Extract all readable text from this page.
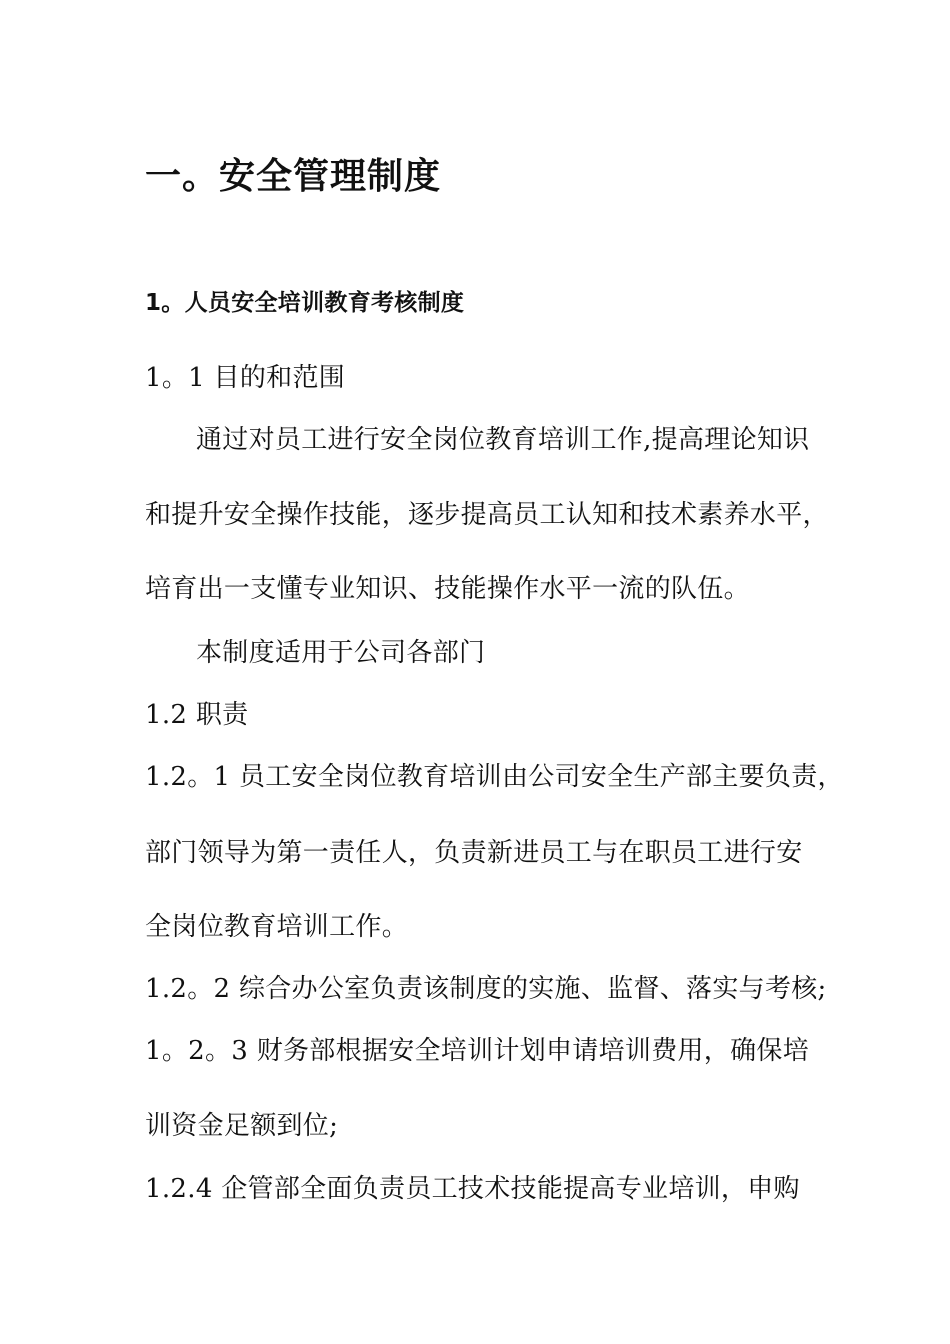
一。安全管理制度
1。人员安全培训教育考核制度
1。1 目的和范围
通过对员工进行安全岗位教育培训工作,提高理论知识
和提升安全操作技能，逐步提高员工认知和技术素养水平，
培育出一支懂专业知识、技能操作水平一流的队伍。
本制度适用于公司各部门
1.2 职责
1.2。1 员工安全岗位教育培训由公司安全生产部主要负责，
部门领导为第一责任人，负责新进员工与在职员工进行安
全岗位教育培训工作。
1.2。2 综合办公室负责该制度的实施、监督、落实与考核;
1。2。3 财务部根据安全培训计划申请培训费用，确保培
训资金足额到位;
1.2.4 企管部全面负责员工技术技能提高专业培训，申购
